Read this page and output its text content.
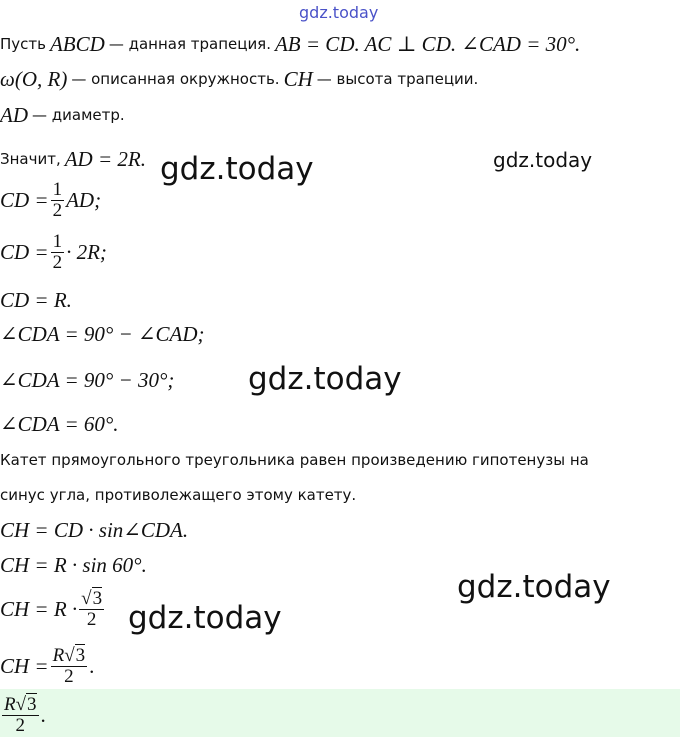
gdz.today
Пусть
ABCD
— данная трапеция.
AB = CD. AC ⊥ CD. ∠CAD = 30°.
ω(O, R)
— описанная окружность.
CH
— высота трапеции.
AD
— диаметр.
Значит,
AD = 2R.
CD = $\frac{1}{2}$ AD;
CD = $\frac{1}{2} \cdot 2R$;
CD = R.
∠CDA = 90° − ∠CAD;
∠CDA = 90° − 30°;
∠CDA = 60°.
Катет прямоугольного треугольника равен произведению гипотенузы на
синус угла, противолежащего этому катету.
CH = CD · sin∠CDA.
CH = R · sin 60°.
CH = $R \cdot \frac{√3}{2}$
CH = $\frac{R√3}{2}$ .
$\frac{R√3}{2}$ .
gdz.today	gdz.today
gdz.today
gdz.today
gdz.today
